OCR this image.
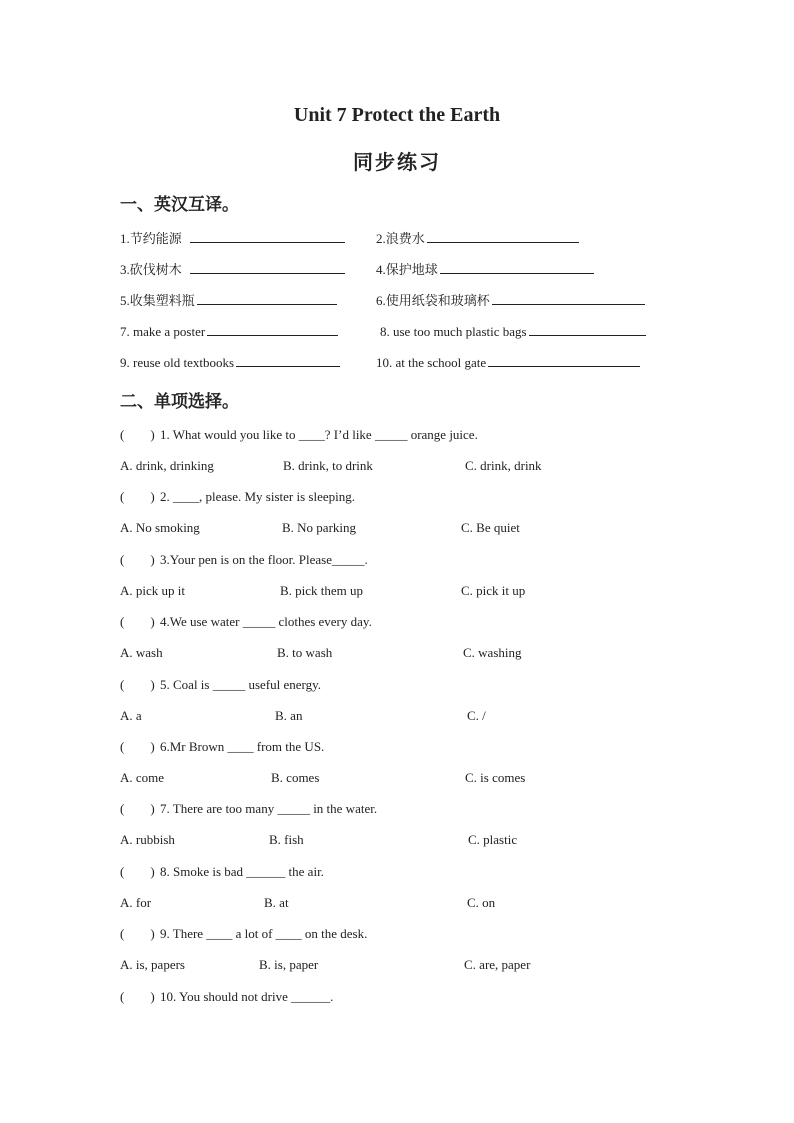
Unit 7 Protect the Earth
同步练习
一、英汉互译。
1.节约能源	2.浪费水
3.砍伐树木	4.保护地球
5.收集塑料瓶	6.使用纸袋和玻璃杯
7. make a poster	8. use too much plastic bags
9. reuse old textbooks	10. at the school gate
二、单项选择。
(        ) 1. What would you like to ____? I’d like _____ orange juice.
A. drink, drinking	B. drink, to drink	C. drink, drink
(        ) 2. ____, please. My sister is sleeping.
A. No smoking	B. No parking	C. Be quiet
(        ) 3.Your pen is on the floor. Please_____.
A. pick up it	B. pick them up	C. pick it up
(        ) 4.We use water _____ clothes every day.
A. wash	B. to wash	C. washing
(        ) 5. Coal is _____ useful energy.
A. a	B. an	C. /
(        ) 6.Mr Brown ____ from the US.
A. come	B. comes	C. is comes
(        ) 7. There are too many _____ in the water.
A. rubbish	B. fish	C. plastic
(        ) 8. Smoke is bad ______ the air.
A. for	B. at	C. on
(        ) 9. There ____ a lot of ____ on the desk.
A. is, papers	B. is, paper	C. are, paper
(        ) 10. You should not drive ______.
